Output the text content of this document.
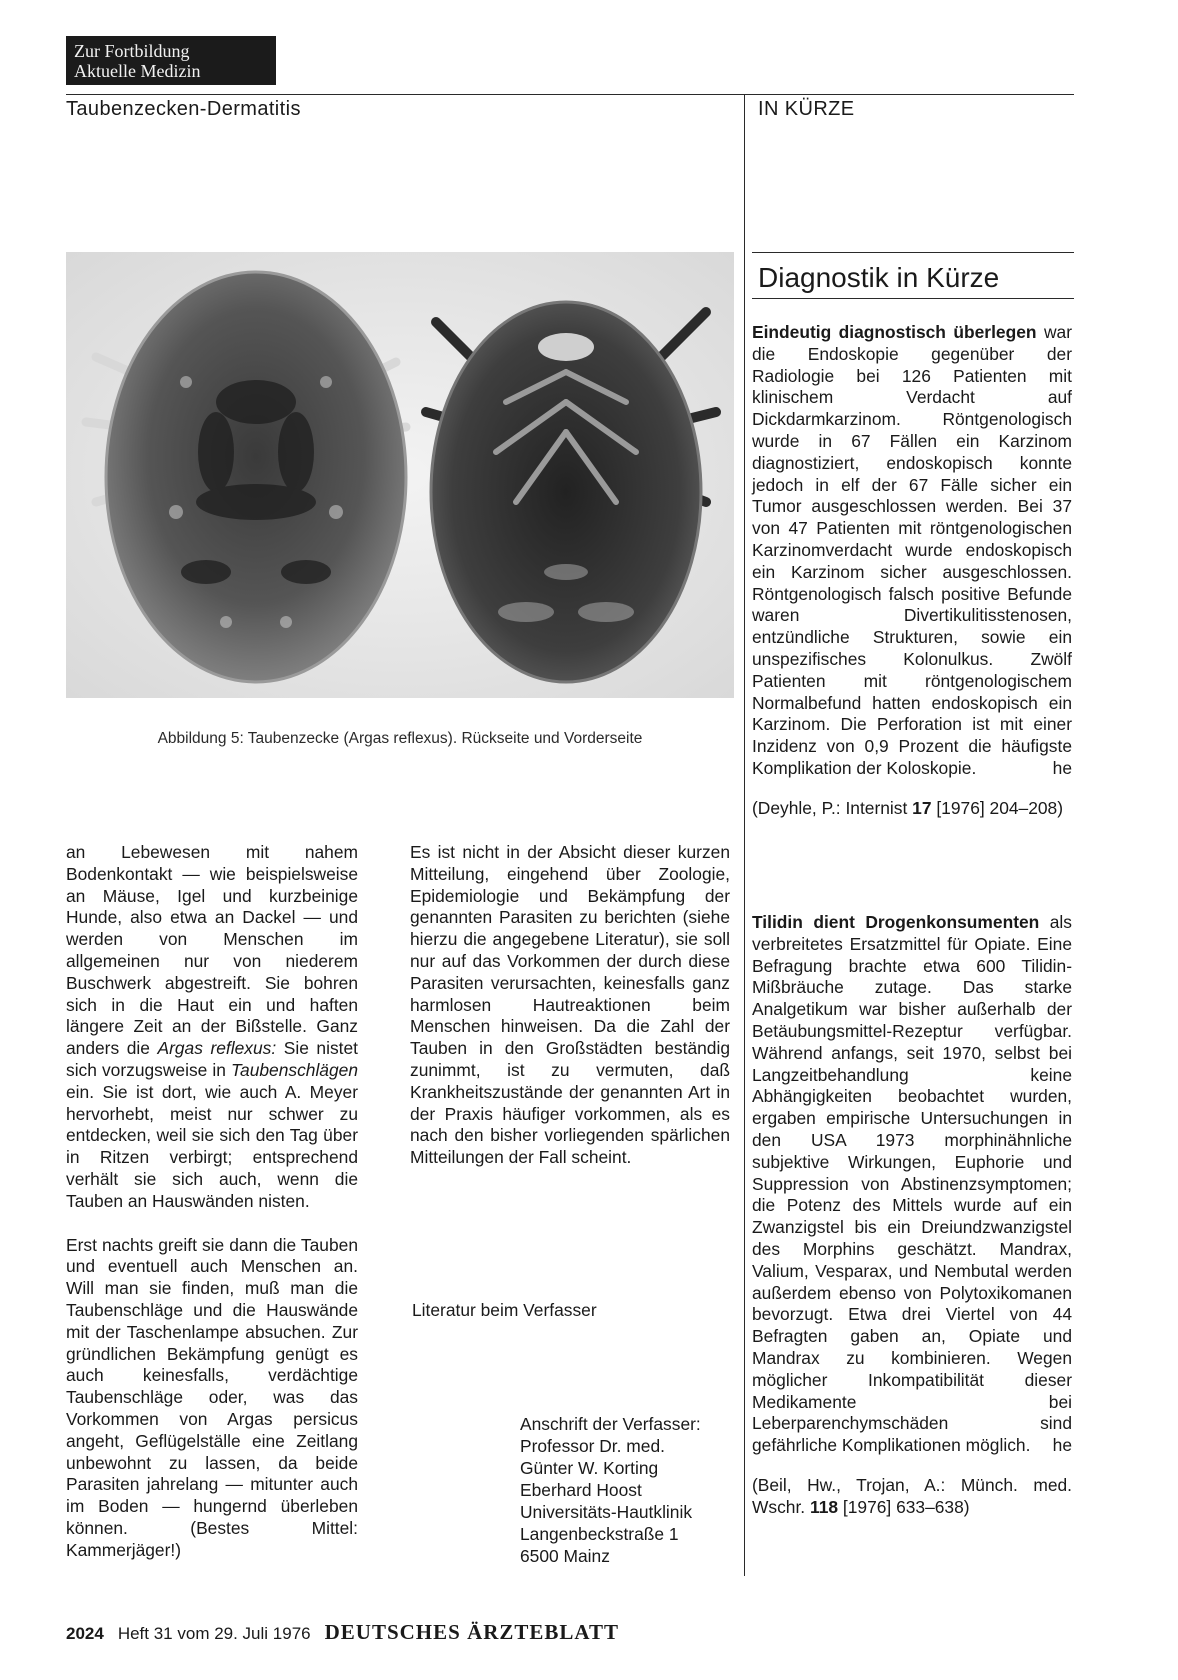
Zur Fortbildung
Aktuelle Medizin
Taubenzecken-Dermatitis	IN KÜRZE
Abbildung 5: Taubenzecke (Argas reflexus). Rückseite und Vorderseite

an Lebewesen mit nahem Bodenkontakt — wie beispielsweise an Mäuse, Igel und kurzbeinige Hunde, also etwa an Dackel — und werden von Menschen im allgemeinen nur von niederem Buschwerk abgestreift. Sie bohren sich in die Haut ein und haften längere Zeit an der Bißstelle. Ganz anders die Argas reflexus: Sie nistet sich vorzugsweise in Taubenschlägen ein. Sie ist dort, wie auch A. Meyer hervorhebt, meist nur schwer zu entdecken, weil sie sich den Tag über in Ritzen verbirgt; entsprechend verhält sie sich auch, wenn die Tauben an Hauswänden nisten.

Erst nachts greift sie dann die Tauben und eventuell auch Menschen an. Will man sie finden, muß man die Taubenschläge und die Hauswände mit der Taschenlampe absuchen. Zur gründlichen Bekämpfung genügt es auch keinesfalls, verdächtige Taubenschläge oder, was das Vorkommen von Argas persicus angeht, Geflügelställe eine Zeitlang unbewohnt zu lassen, da beide Parasiten jahrelang — mitunter auch im Boden — hungernd überleben können. (Bestes Mittel: Kammerjäger!)

Es ist nicht in der Absicht dieser kurzen Mitteilung, eingehend über Zoologie, Epidemiologie und Bekämpfung der genannten Parasiten zu berichten (siehe hierzu die angegebene Literatur), sie soll nur auf das Vorkommen der durch diese Parasiten verursachten, keinesfalls ganz harmlosen Hautreaktionen beim Menschen hinweisen. Da die Zahl der Tauben in den Großstädten beständig zunimmt, ist zu vermuten, daß Krankheitszustände der genannten Art in der Praxis häufiger vorkommen, als es nach den bisher vorliegenden spärlichen Mitteilungen der Fall scheint.

Literatur beim Verfasser
Anschrift der Verfasser:
Professor Dr. med.
Günter W. Korting
Eberhard Hoost
Universitäts-Hautklinik
Langenbeckstraße 1
6500 Mainz
Diagnostik in Kürze
Eindeutig diagnostisch überlegen war die Endoskopie gegenüber der Radiologie bei 126 Patienten mit klinischem Verdacht auf Dickdarmkarzinom. Röntgenologisch wurde in 67 Fällen ein Karzinom diagnostiziert, endoskopisch konnte jedoch in elf der 67 Fälle sicher ein Tumor ausgeschlossen werden. Bei 37 von 47 Patienten mit röntgenologischen Karzinomverdacht wurde endoskopisch ein Karzinom sicher ausgeschlossen. Röntgenologisch falsch positive Befunde waren Divertikulitisstenosen, entzündliche Strukturen, sowie ein unspezifisches Kolonulkus. Zwölf Patienten mit röntgenologischem Normalbefund hatten endoskopisch ein Karzinom. Die Perforation ist mit einer Inzidenz von 0,9 Prozent die häufigste Komplikation der Koloskopie.	he
(Deyhle, P.: Internist 17 [1976] 204–208)
Tilidin dient Drogenkonsumenten als verbreitetes Ersatzmittel für Opiate. Eine Befragung brachte etwa 600 Tilidin-Mißbräuche zutage. Das starke Analgetikum war bisher außerhalb der Betäubungsmittel-Rezeptur verfügbar. Während anfangs, seit 1970, selbst bei Langzeitbehandlung keine Abhängigkeiten beobachtet wurden, ergaben empirische Untersuchungen in den USA 1973 morphinähnliche subjektive Wirkungen, Euphorie und Suppression von Abstinenzsymptomen; die Potenz des Mittels wurde auf ein Zwanzigstel bis ein Dreiundzwanzigstel des Morphins geschätzt. Mandrax, Valium, Vesparax, und Nembutal werden außerdem ebenso von Polytoxikomanen bevorzugt. Etwa drei Viertel von 44 Befragten gaben an, Opiate und Mandrax zu kombinieren. Wegen möglicher Inkompatibilität dieser Medikamente bei Leberparenchymschäden sind gefährliche Komplikationen möglich. he
(Beil, Hw., Trojan, A.: Münch. med. Wschr. 118 [1976] 633–638)
2024 Heft 31 vom 29. Juli 1976 DEUTSCHES ÄRZTEBLATT
